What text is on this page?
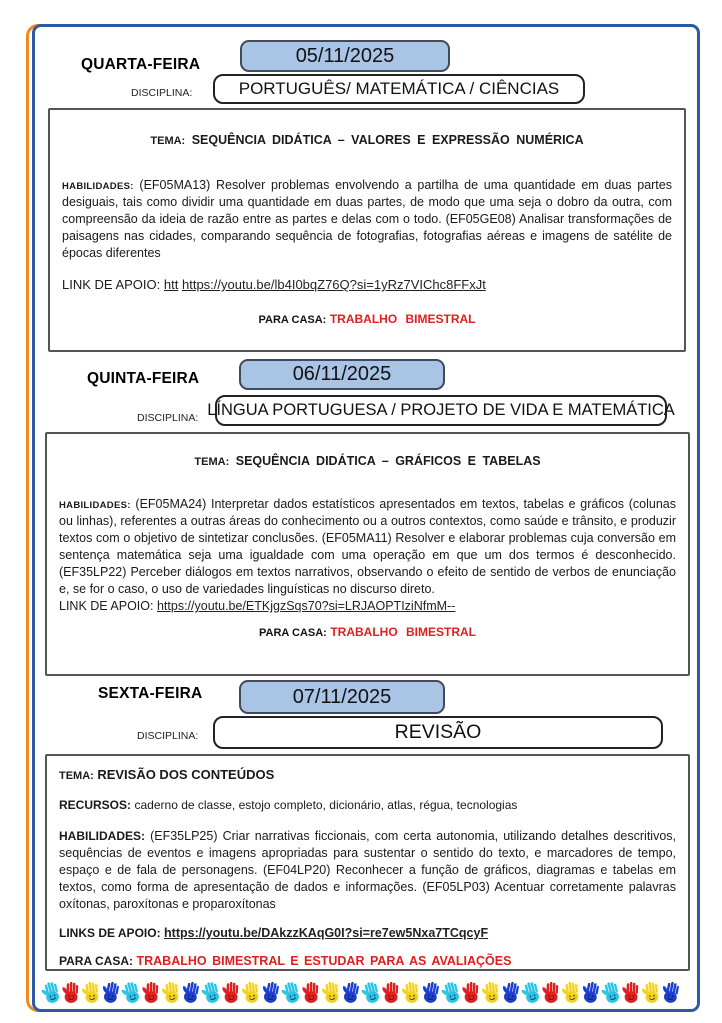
QUARTA-FEIRA	05/11/2025
DISCIPLINA:	PORTUGUÊS/ MATEMÁTICA / CIÊNCIAS
TEMA: SEQUÊNCIA DIDÁTICA – VALORES E EXPRESSÃO NUMÉRICA
HABILIDADES: (EF05MA13) Resolver problemas envolvendo a partilha de uma quantidade em duas partes desiguais, tais como dividir uma quantidade em duas partes, de modo que uma seja o dobro da outra, com compreensão da ideia de razão entre as partes e delas com o todo. (EF05GE08) Analisar transformações de paisagens nas cidades, comparando sequência de fotografias, fotografias aéreas e imagens de satélite de épocas diferentes
LINK DE APOIO: htt https://youtu.be/lb4I0bqZ76Q?si=1yRz7VIChc8FFxJt
PARA CASA: TRABALHO BIMESTRAL
QUINTA-FEIRA	06/11/2025
DISCIPLINA: LÍNGUA PORTUGUESA / PROJETO DE VIDA E MATEMÁTICA
TEMA: SEQUÊNCIA DIDÁTICA – GRÁFICOS E TABELAS
HABILIDADES: (EF05MA24) Interpretar dados estatísticos apresentados em textos, tabelas e gráficos (colunas ou linhas), referentes a outras áreas do conhecimento ou a outros contextos, como saúde e trânsito, e produzir textos com o objetivo de sintetizar conclusões. (EF05MA11) Resolver e elaborar problemas cuja conversão em sentença matemática seja uma igualdade com uma operação em que um dos termos é desconhecido. (EF35LP22) Perceber diálogos em textos narrativos, observando o efeito de sentido de verbos de enunciação e, se for o caso, o uso de variedades linguísticas no discurso direto.
LINK DE APOIO: https://youtu.be/ETKjgzSqs70?si=LRJAOPTIziNfmM--
PARA CASA: TRABALHO BIMESTRAL
SEXTA-FEIRA	07/11/2025
DISCIPLINA:	REVISÃO
TEMA: REVISÃO DOS CONTEÚDOS
RECURSOS: caderno de classe, estojo completo, dicionário, atlas, régua, tecnologias
HABILIDADES: (EF35LP25) Criar narrativas ficcionais, com certa autonomia, utilizando detalhes descritivos, sequências de eventos e imagens apropriadas para sustentar o sentido do texto, e marcadores de tempo, espaço e de fala de personagens. (EF04LP20) Reconhecer a função de gráficos, diagramas e tabelas em textos, como forma de apresentação de dados e informações. (EF05LP03) Acentuar corretamente palavras oxítonas, paroxítonas e proparoxítonas
LINKS DE APOIO: https://youtu.be/DAkzzKAqG0I?si=re7ew5Nxa7TCqcyF
PARA CASA: TRABALHO BIMESTRAL E ESTUDAR PARA AS AVALIAÇÕES
